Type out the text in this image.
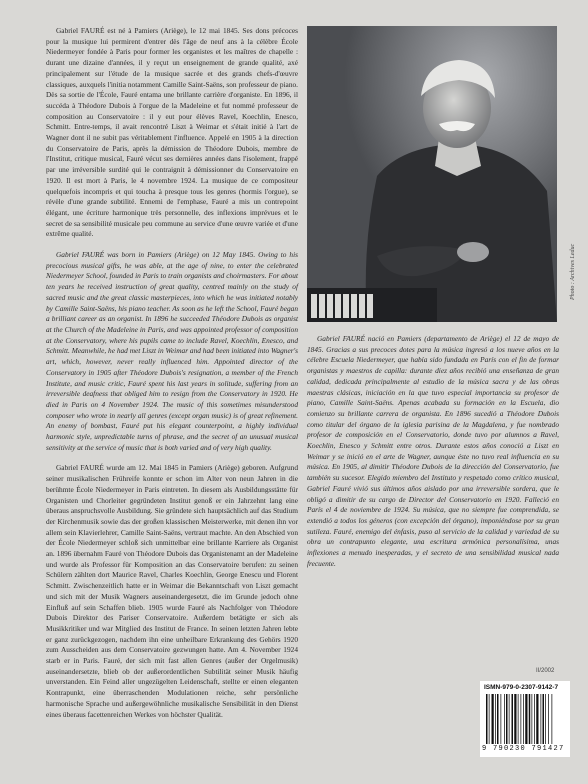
Gabriel FAURÉ est né à Pamiers (Ariège), le 12 mai 1845. Ses dons précoces pour la musique lui permirent d'entrer dès l'âge de neuf ans à la célèbre École Niedermeyer fondée à Paris pour former les organistes et les maîtres de chapelle : durant une dizaine d'années, il y reçut un enseignement de grande qualité, axé principalement sur l'étude de la musique sacrée et des grands chefs-d'œuvre classiques, auxquels l'initia notamment Camille Saint-Saëns, son professeur de piano. Dès sa sortie de l'École, Fauré entama une brillante carrière d'organiste. En 1896, il succéda à Théodore Dubois à l'orgue de la Madeleine et fut nommé professeur de composition au Conservatoire : il y eut pour élèves Ravel, Koechlin, Enesco, Schmitt. Entre-temps, il avait rencontré Liszt à Weimar et s'était initié à l'art de Wagner dont il ne subit pas véritablement l'influence. Appelé en 1905 à la direction du Conservatoire de Paris, après la démission de Théodore Dubois, membre de l'Institut, critique musical, Fauré vécut ses dernières années dans l'isolement, frappé par une irréversible surdité qui le contraignit à démissionner du Conservatoire en 1920. Il est mort à Paris, le 4 novembre 1924. La musique de ce compositeur quelquefois incompris et qui toucha à presque tous les genres (hormis l'orgue), se révèle d'une grande subtilité. Ennemi de l'emphase, Fauré a mis un contrepoint élégant, une écriture harmonique très personnelle, des inflexions imprévues et le secret de sa sensibilité musicale peu commune au service d'une œuvre variée et d'une extrême qualité.

Gabriel FAURÉ was born in Pamiers (Ariège) on 12 May 1845. Owing to his precocious musical gifts, he was able, at the age of nine, to enter the celebrated Niedermeyer School, founded in Paris to train organists and choirmasters. For about ten years he received instruction of great quality, centred mainly on the study of sacred music and the great classic masterpieces, into which he was initiated notably by Camille Saint-Saëns, his piano teacher. As soon as he left the School, Fauré began a brilliant career as an organist. In 1896 he succeeded Théodore Dubois as organist at the Church of the Madeleine in Paris, and was appointed professor of composition at the Conservatory, where his pupils came to include Ravel, Koechlin, Enesco, and Schmitt. Meanwhile, he had met Liszt in Weimar and had been initiated into Wagner's art, which, however, never really influenced him. Appointed director of the Conservatory in 1905 after Théodore Dubois's resignation, a member of the French Institute, and music critic, Fauré spent his last years in solitude, suffering from an irreversible deafness that obliged him to resign from the Conservatory in 1920. He died in Paris on 4 November 1924. The music of this sometimes misunderstood composer who wrote in nearly all genres (except organ music) is of great refinement. An enemy of bombast, Fauré put his elegant counterpoint, a highly individual harmonic style, unpredictable turns of phrase, and the secret of an unusual musical sensitivity at the service of music that is both varied and of very high quality.

Gabriel FAURÉ wurde am 12. Mai 1845 in Pamiers (Ariège) geboren. Aufgrund seiner musikalischen Frühreife konnte er schon im Alter von neun Jahren in die berühmte École Niedermeyer in Paris eintreten. In diesem als Ausbildungsstätte für Organisten und Chorleiter gegründeten Institut genoß er ein Jahrzehnt lang eine überaus anspruchsvolle Ausbildung. Sie gründete sich hauptsächlich auf das Studium der Kirchenmusik sowie das der großen klassischen Meisterwerke, mit denen ihn vor allem sein Klavierlehrer, Camille Saint-Saëns, vertraut machte. An den Abschied von der École Niedermeyer schloß sich unmittelbar eine brillante Karriere als Organist an. 1896 übernahm Fauré von Théodore Dubois das Organistenamt an der Madeleine und wurde als Professor für Komposition an das Conservatoire berufen: zu seinen Schülern zählten dort Maurice Ravel, Charles Koechlin, George Enescu und Florent Schmitt. Zwischenzeitlich hatte er in Weimar die Bekanntschaft von Liszt gemacht und sich mit der Musik Wagners auseinandergesetzt, die im Grunde jedoch ohne Einfluß auf sein Schaffen blieb. 1905 wurde Fauré als Nachfolger von Théodore Dubois Direktor des Pariser Conservatoire. Außerdem betätigte er sich als Musikkritiker und war Mitglied des Institut de France. In seinen letzten Jahren lebte er ganz zurückgezogen, nachdem ihn eine unheilbare Erkrankung des Gehörs 1920 zum Ausscheiden aus dem Conservatoire gezwungen hatte. Am 4. November 1924 starb er in Paris. Fauré, der sich mit fast allen Genres (außer der Orgelmusik) auseinandersetzte, blieb ob der außerordentlichen Subtilität seiner Musik häufig unverstanden. Ein Feind aller ungezügelten Leidenschaft, stellte er einen eleganten Kontrapunkt, eine überraschenden Modulationen reiche, sehr persönliche harmonische Sprache und außergewöhnliche musikalische Sensibilität in den Dienst eines überaus facettenreichen Werkes von höchster Qualität.

Photo : Archives Leduc

Gabriel FAURÉ nació en Pamiers (departamento de Ariège) el 12 de mayo de 1845. Gracias a sus precoces dotes para la música ingresó a los nueve años en la célebre Escuela Niedermeyer, que había sido fundada en París con el fin de formar organistas y maestros de capilla: durante diez años recibió una enseñanza de gran calidad, dedicada principalmente al estudio de la música sacra y de las obras maestras clásicas, iniciación en la que tuvo especial importancia su profesor de piano, Camille Saint-Saëns. Apenas acabada su formación en la Escuela, dio comienzo su brillante carrera de organista. En 1896 sucedió a Théodore Dubois como titular del órgano de la iglesia parisina de la Magdalena, y fue nombrado profesor de composición en el Conservatorio, donde tuvo por alumnos a Ravel, Koechlin, Enesco y Schmitt entre otros. Durante estos años conoció a Liszt en Weimar y se inició en el arte de Wagner, aunque éste no tuvo real influencia en su música. En 1905, al dimitir Théodore Dubois de la dirección del Conservatorio, fue también su sucesor. Elegido miembro del Instituto y respetado como crítico musical, Gabriel Fauré vivió sus últimos años aislado por una irreversible sordera, que le obligó a dimitir de su cargo de Director del Conservatorio en 1920. Falleció en París el 4 de noviembre de 1924. Su música, que no siempre fue comprendida, se extendió a todos los géneros (con excepción del órgano), imponiéndose por su gran sutileza. Fauré, enemigo del énfasis, puso al servicio de la calidad y variedad de su obra un contrapunto elegante, una escritura armónica personalísima, unas inflexiones a menudo inesperadas, y el secreto de una sensibilidad musical nada frecuente.

II/2002
ISMN-979-0-2307-9142-7
9 790230 791427
